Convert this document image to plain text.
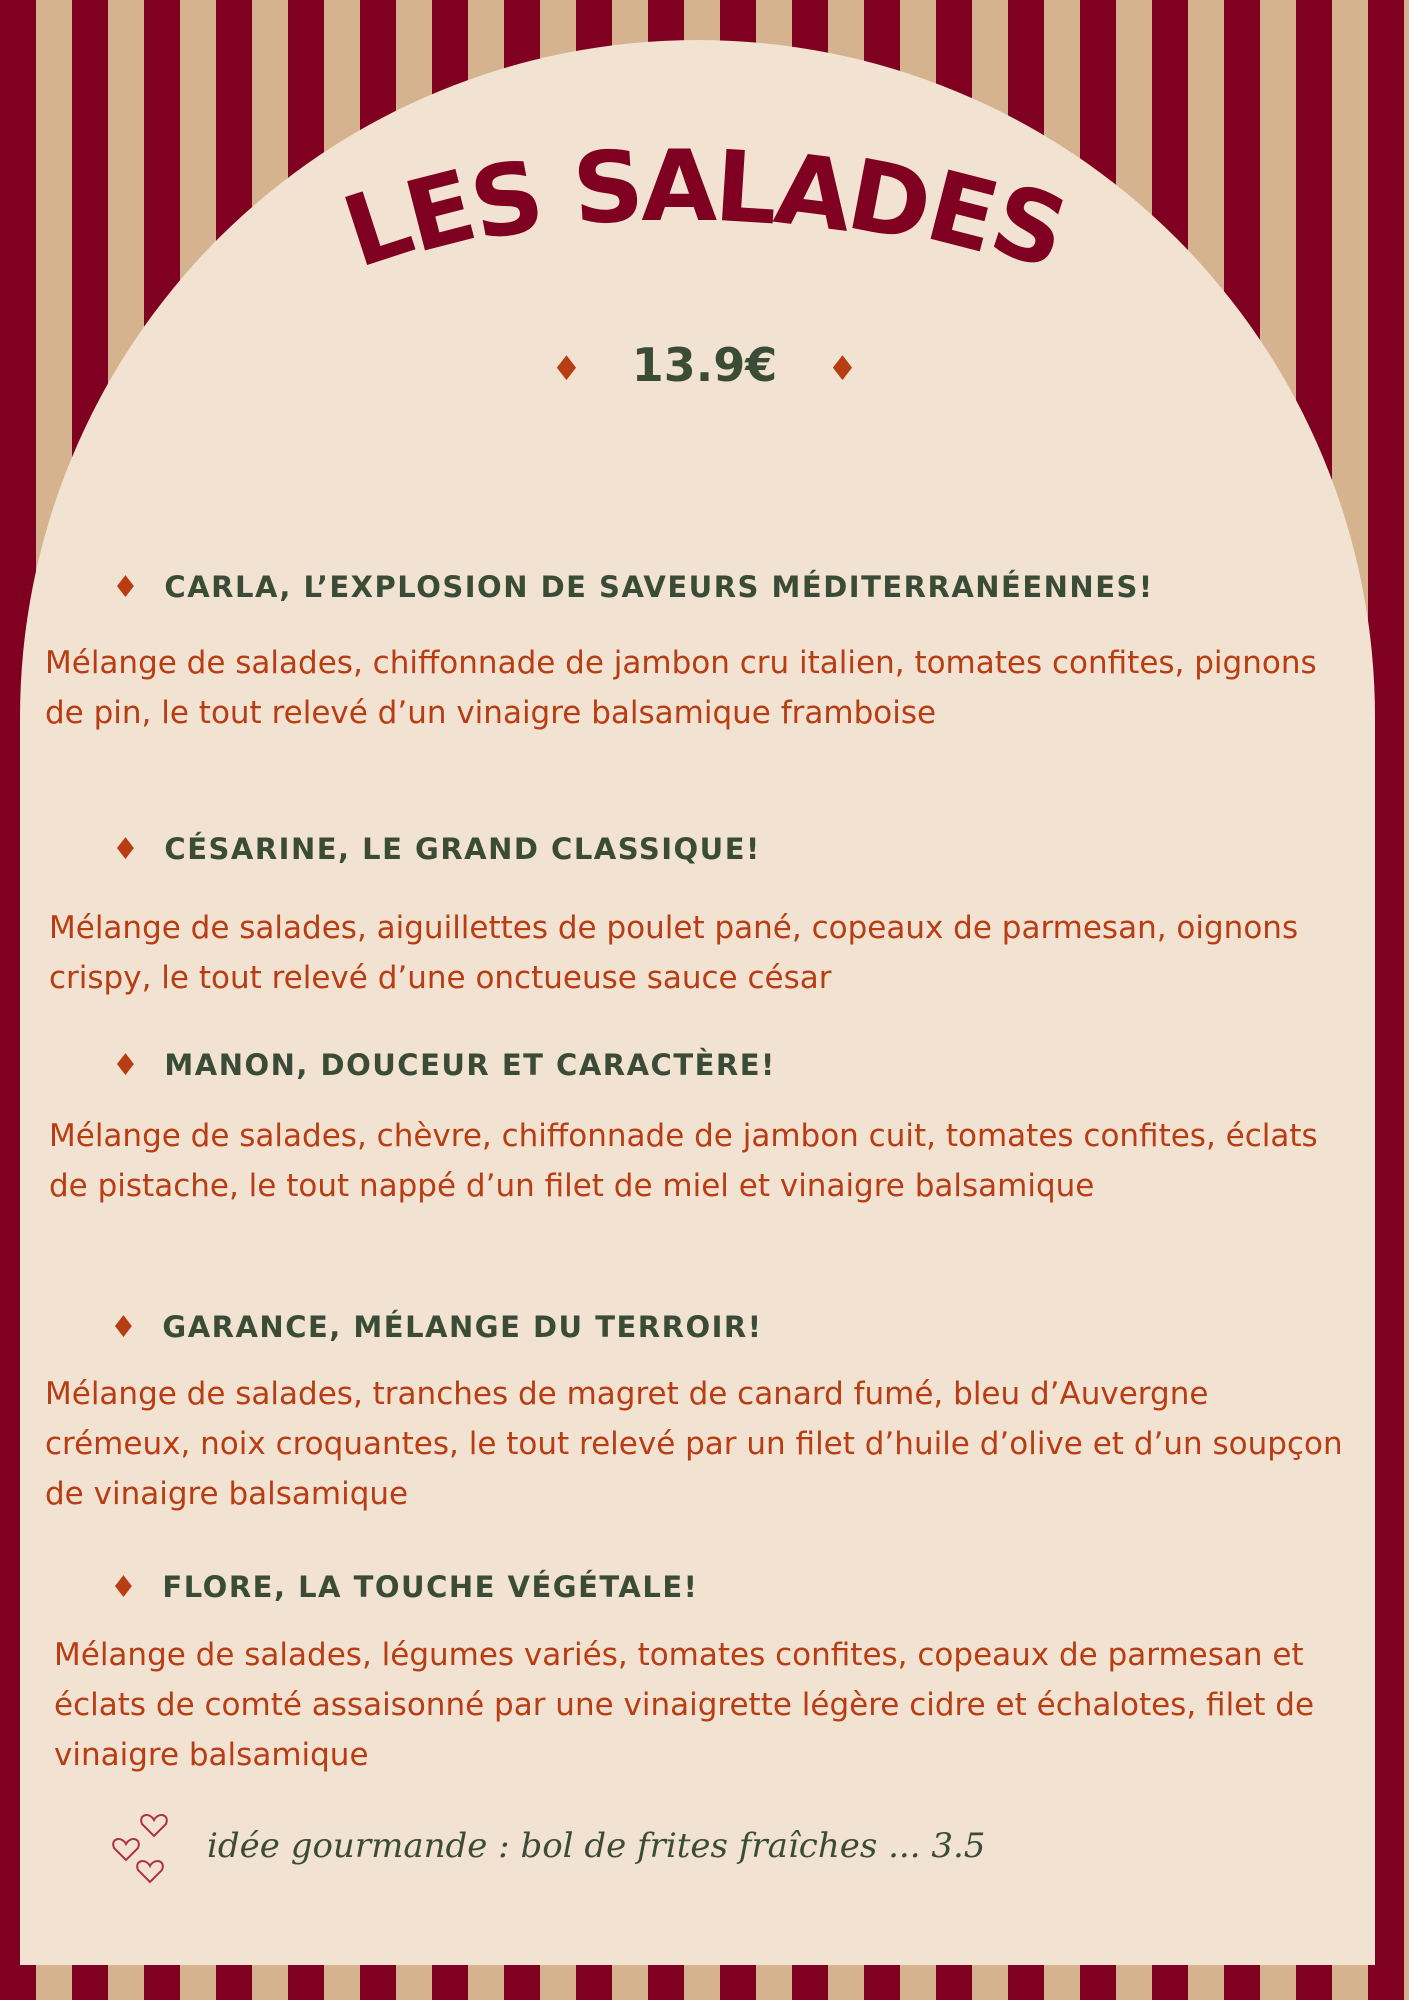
LES SALADES
♦ 13.9€ ♦
♦ CARLA, L’EXPLOSION DE SAVEURS MÉDITERRANÉENNES!
Mélange de salades, chiffonnade de jambon cru italien, tomates confites, pignons de pin, le tout relevé d’un vinaigre balsamique framboise
♦ CÉSARINE, LE GRAND CLASSIQUE!
Mélange de salades, aiguillettes de poulet pané, copeaux de parmesan, oignons crispy, le tout relevé d’une onctueuse sauce césar
♦ MANON, DOUCEUR ET CARACTÈRE!
Mélange de salades, chèvre, chiffonnade de jambon cuit, tomates confites, éclats de pistache, le tout nappé d’un filet de miel et vinaigre balsamique
♦ GARANCE, MÉLANGE DU TERROIR!
Mélange de salades, tranches de magret de canard fumé, bleu d’Auvergne crémeux, noix croquantes, le tout relevé par un filet d’huile d’olive et d’un soupçon de vinaigre balsamique
♦ FLORE, LA TOUCHE VÉGÉTALE!
Mélange de salades, légumes variés, tomates confites, copeaux de parmesan et éclats de comté assaisonné par une vinaigrette légère cidre et échalotes, filet de vinaigre balsamique
idée gourmande : bol de frites fraîches ... 3.5
